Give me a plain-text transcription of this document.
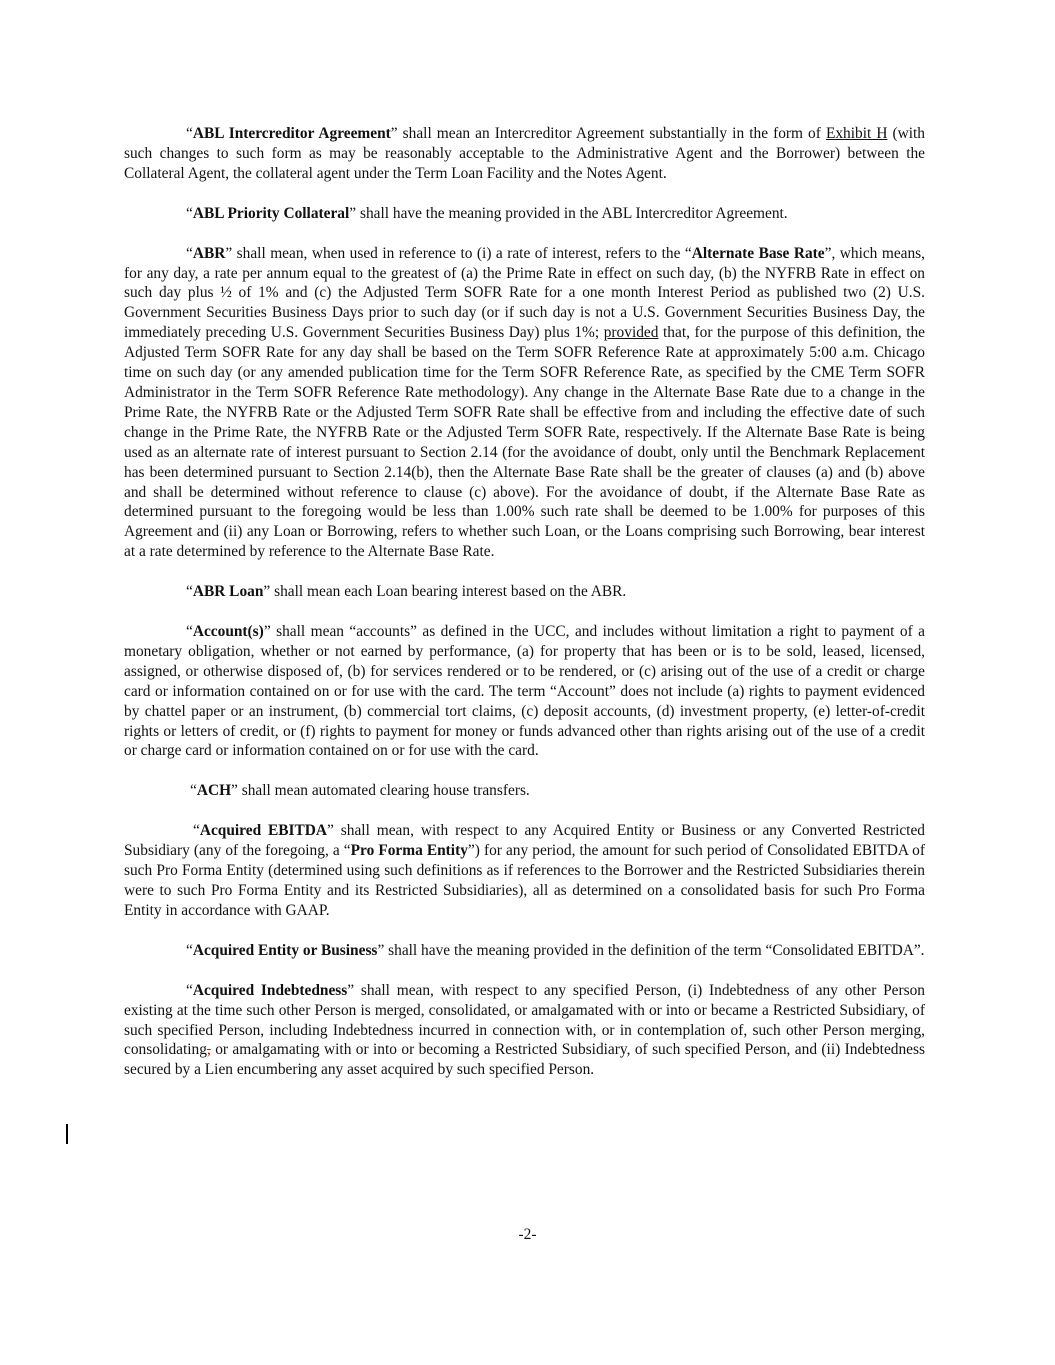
“ABL Intercreditor Agreement” shall mean an Intercreditor Agreement substantially in the form of Exhibit H (with such changes to such form as may be reasonably acceptable to the Administrative Agent and the Borrower) between the Collateral Agent, the collateral agent under the Term Loan Facility and the Notes Agent.

“ABL Priority Collateral” shall have the meaning provided in the ABL Intercreditor Agreement.

“ABR” shall mean, when used in reference to (i) a rate of interest, refers to the “Alternate Base Rate”, which means, for any day, a rate per annum equal to the greatest of (a) the Prime Rate in effect on such day, (b) the NYFRB Rate in effect on such day plus ½ of 1% and (c) the Adjusted Term SOFR Rate for a one month Interest Period as published two (2) U.S. Government Securities Business Days prior to such day (or if such day is not a U.S. Government Securities Business Day, the immediately preceding U.S. Government Securities Business Day) plus 1%; provided that, for the purpose of this definition, the Adjusted Term SOFR Rate for any day shall be based on the Term SOFR Reference Rate at approximately 5:00 a.m. Chicago time on such day (or any amended publication time for the Term SOFR Reference Rate, as specified by the CME Term SOFR Administrator in the Term SOFR Reference Rate methodology). Any change in the Alternate Base Rate due to a change in the Prime Rate, the NYFRB Rate or the Adjusted Term SOFR Rate shall be effective from and including the effective date of such change in the Prime Rate, the NYFRB Rate or the Adjusted Term SOFR Rate, respectively. If the Alternate Base Rate is being used as an alternate rate of interest pursuant to Section 2.14 (for the avoidance of doubt, only until the Benchmark Replacement has been determined pursuant to Section 2.14(b), then the Alternate Base Rate shall be the greater of clauses (a) and (b) above and shall be determined without reference to clause (c) above). For the avoidance of doubt, if the Alternate Base Rate as determined pursuant to the foregoing would be less than 1.00% such rate shall be deemed to be 1.00% for purposes of this Agreement and (ii) any Loan or Borrowing, refers to whether such Loan, or the Loans comprising such Borrowing, bear interest at a rate determined by reference to the Alternate Base Rate.

“ABR Loan” shall mean each Loan bearing interest based on the ABR.

“Account(s)” shall mean “accounts” as defined in the UCC, and includes without limitation a right to payment of a monetary obligation, whether or not earned by performance, (a) for property that has been or is to be sold, leased, licensed, assigned, or otherwise disposed of, (b) for services rendered or to be rendered, or (c) arising out of the use of a credit or charge card or information contained on or for use with the card. The term “Account” does not include (a) rights to payment evidenced by chattel paper or an instrument, (b) commercial tort claims, (c) deposit accounts, (d) investment property, (e) letter-of-credit rights or letters of credit, or (f) rights to payment for money or funds advanced other than rights arising out of the use of a credit or charge card or information contained on or for use with the card.

“ACH” shall mean automated clearing house transfers.

“Acquired EBITDA” shall mean, with respect to any Acquired Entity or Business or any Converted Restricted Subsidiary (any of the foregoing, a “Pro Forma Entity”) for any period, the amount for such period of Consolidated EBITDA of such Pro Forma Entity (determined using such definitions as if references to the Borrower and the Restricted Subsidiaries therein were to such Pro Forma Entity and its Restricted Subsidiaries), all as determined on a consolidated basis for such Pro Forma Entity in accordance with GAAP.

“Acquired Entity or Business” shall have the meaning provided in the definition of the term “Consolidated EBITDA”.

“Acquired Indebtedness” shall mean, with respect to any specified Person, (i) Indebtedness of any other Person existing at the time such other Person is merged, consolidated, or amalgamated with or into or became a Restricted Subsidiary, of such specified Person, including Indebtedness incurred in connection with, or in contemplation of, such other Person merging, consolidating, or amalgamating with or into or becoming a Restricted Subsidiary, of such specified Person, and (ii) Indebtedness secured by a Lien encumbering any asset acquired by such specified Person.

-2-
